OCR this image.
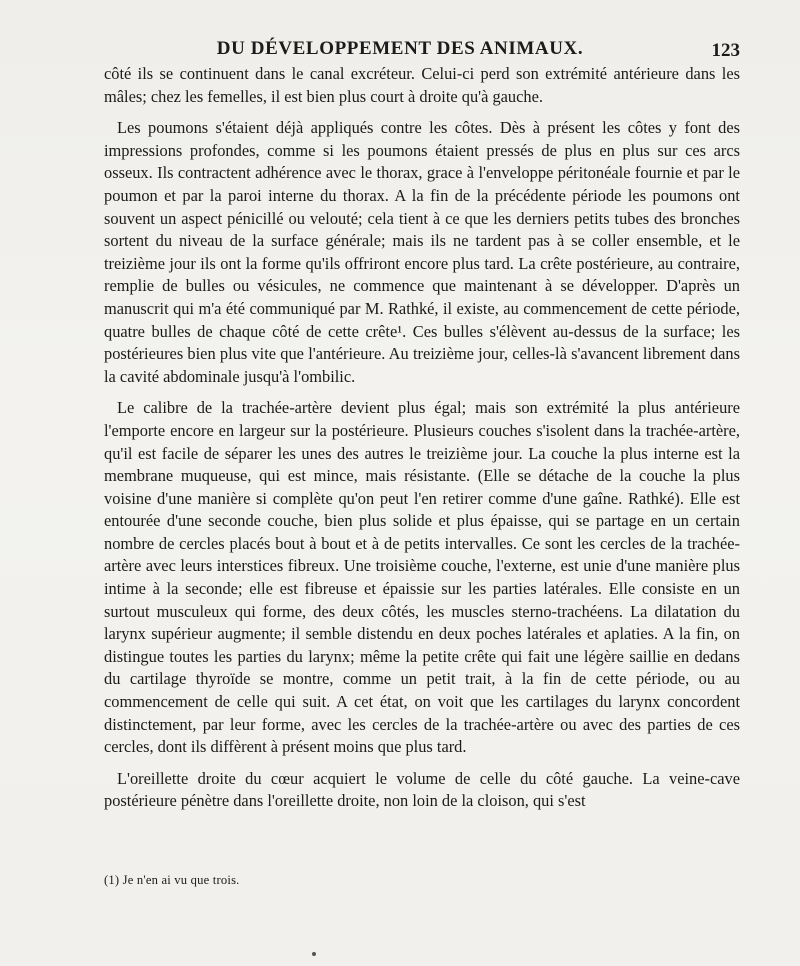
DU DÉVELOPPEMENT DES ANIMAUX.	123

côté ils se continuent dans le canal excréteur. Celui-ci perd son extrémité antérieure dans les mâles; chez les femelles, il est bien plus court à droite qu'à gauche.

Les poumons s'étaient déjà appliqués contre les côtes. Dès à présent les côtes y font des impressions profondes, comme si les poumons étaient pressés de plus en plus sur ces arcs osseux. Ils contractent adhérence avec le thorax, grace à l'enveloppe péritonéale fournie et par le poumon et par la paroi interne du thorax. A la fin de la précédente période les poumons ont souvent un aspect pénicillé ou velouté; cela tient à ce que les derniers petits tubes des bronches sortent du niveau de la surface générale; mais ils ne tardent pas à se coller ensemble, et le treizième jour ils ont la forme qu'ils offriront encore plus tard. La crête postérieure, au contraire, remplie de bulles ou vésicules, ne commence que maintenant à se développer. D'après un manuscrit qui m'a été communiqué par M. Rathké, il existe, au commencement de cette période, quatre bulles de chaque côté de cette crête¹. Ces bulles s'élèvent au-dessus de la surface; les postérieures bien plus vite que l'antérieure. Au treizième jour, celles-là s'avancent librement dans la cavité abdominale jusqu'à l'ombilic.

Le calibre de la trachée-artère devient plus égal; mais son extrémité la plus antérieure l'emporte encore en largeur sur la postérieure. Plusieurs couches s'isolent dans la trachée-artère, qu'il est facile de séparer les unes des autres le treizième jour. La couche la plus interne est la membrane muqueuse, qui est mince, mais résistante. (Elle se détache de la couche la plus voisine d'une manière si complète qu'on peut l'en retirer comme d'une gaîne. Rathké). Elle est entourée d'une seconde couche, bien plus solide et plus épaisse, qui se partage en un certain nombre de cercles placés bout à bout et à de petits intervalles. Ce sont les cercles de la trachée-artère avec leurs interstices fibreux. Une troisième couche, l'externe, est unie d'une manière plus intime à la seconde; elle est fibreuse et épaissie sur les parties latérales. Elle consiste en un surtout musculeux qui forme, des deux côtés, les muscles sterno-trachéens. La dilatation du larynx supérieur augmente; il semble distendu en deux poches latérales et aplaties. A la fin, on distingue toutes les parties du larynx; même la petite crête qui fait une légère saillie en dedans du cartilage thyroïde se montre, comme un petit trait, à la fin de cette période, ou au commencement de celle qui suit. A cet état, on voit que les cartilages du larynx concordent distinctement, par leur forme, avec les cercles de la trachée-artère ou avec des parties de ces cercles, dont ils diffèrent à présent moins que plus tard.

L'oreillette droite du cœur acquiert le volume de celle du côté gauche. La veine-cave postérieure pénètre dans l'oreillette droite, non loin de la cloison, qui s'est

(1) Je n'en ai vu que trois.
